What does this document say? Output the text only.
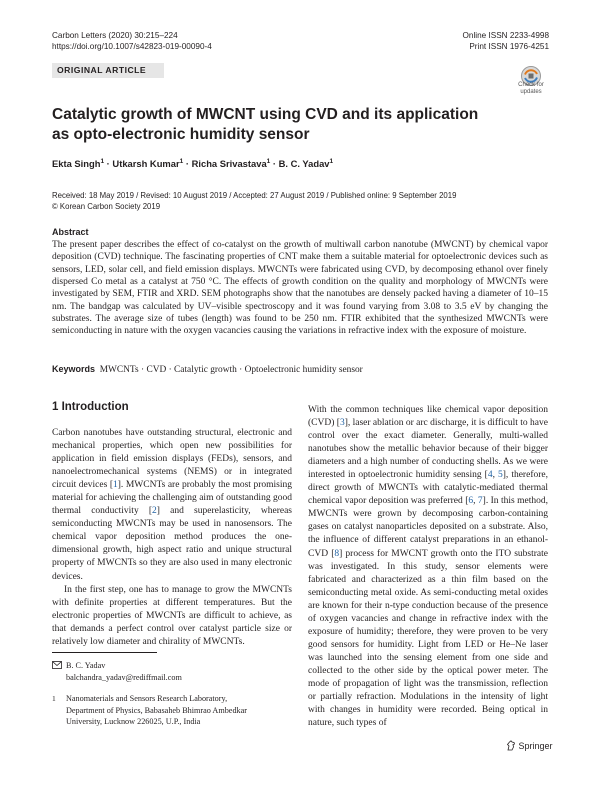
Carbon Letters (2020) 30:215–224
https://doi.org/10.1007/s42823-019-00090-4
Online ISSN 2233-4998
Print ISSN 1976-4251
ORIGINAL ARTICLE
Check for
updates
Catalytic growth of MWCNT using CVD and its application
as opto-electronic humidity sensor
Ekta Singh$^1$ · Utkarsh Kumar$^1$ · Richa Srivastava$^1$ · B. C. Yadav$^1$
Received: 18 May 2019 / Revised: 10 August 2019 / Accepted: 27 August 2019 / Published online: 9 September 2019
© Korean Carbon Society 2019
Abstract

The present paper describes the effect of co-catalyst on the growth of multiwall carbon nanotube (MWCNT) by chemical vapor deposition (CVD) technique. The fascinating properties of CNT make them a suitable material for optoelectronic devices such as sensors, LED, solar cell, and field emission displays. MWCNTs were fabricated using CVD, by decomposing ethanol over finely dispersed Co metal as a catalyst at 750 °C. The effects of growth condition on the quality and morphology of MWCNTs were investigated by SEM, FTIR and XRD. SEM photographs show that the nanotubes are densely packed having a diameter of 10–15 nm. The bandgap was calculated by UV–visible spectroscopy and it was found varying from 3.08 to 3.5 eV by changing the substrates. The average size of tubes (length) was found to be 250 nm. FTIR exhibited that the synthesized MWCNTs were semiconducting in nature with the oxygen vacancies causing the variations in refractive index with the exposure of moisture.

Keywords MWCNTs · CVD · Catalytic growth · Optoelectronic humidity sensor
1 Introduction

Carbon nanotubes have outstanding structural, electronic and mechanical properties, which open new possibilities for application in field emission displays (FEDs), sensors, and nanoelectromechanical systems (NEMS) or in integrated circuit devices [1]. MWCNTs are probably the most promising material for achieving the challenging aim of outstanding good thermal conductivity [2] and superelasticity, whereas semiconducting MWCNTs may be used in nanosensors. The chemical vapor deposition method produces the one-dimensional growth, high aspect ratio and unique structural property of MWCNTs so they are also used in many electronic devices.

In the first step, one has to manage to grow the MWCNTs with definite properties at different temperatures. But the electronic properties of MWCNTs are difficult to achieve, as that demands a perfect control over catalyst particle size or relatively low diameter and chirality of MWCNTs.

With the common techniques like chemical vapor deposition (CVD) [3], laser ablation or arc discharge, it is difficult to have control over the exact diameter. Generally, multi-walled nanotubes show the metallic behavior because of their bigger diameters and a high number of conducting shells. As we were interested in optoelectronic humidity sensing [4, 5], therefore, direct growth of MWCNTs with catalytic-mediated thermal chemical vapor deposition was preferred [6, 7]. In this method, MWCNTs were grown by decomposing carbon-containing gases on catalyst nanoparticles deposited on a substrate. Also, the influence of different catalyst preparations in an ethanol-CVD [8] process for MWCNT growth onto the ITO substrate was investigated. In this study, sensor elements were fabricated and characterized as a thin film based on the semiconducting metal oxide. As semi-conducting metal oxides are known for their n-type conduction because of the presence of oxygen vacancies and change in refractive index with the exposure of humidity; therefore, they were proven to be very good sensors for humidity. Light from LED or He–Ne laser was launched into the sensing element from one side and collected to the other side by the optical power meter. The mode of propagation of light was the transmission, reflection or partially refraction. Modulations in the intensity of light with changes in humidity were recorded. Being optical in nature, such types of

B. C. Yadav
balchandra_yadav@rediffmail.com
1 Nanomaterials and Sensors Research Laboratory,
Department of Physics, Babasaheb Bhimrao Ambedkar
University, Lucknow 226025, U.P., India
Springer
